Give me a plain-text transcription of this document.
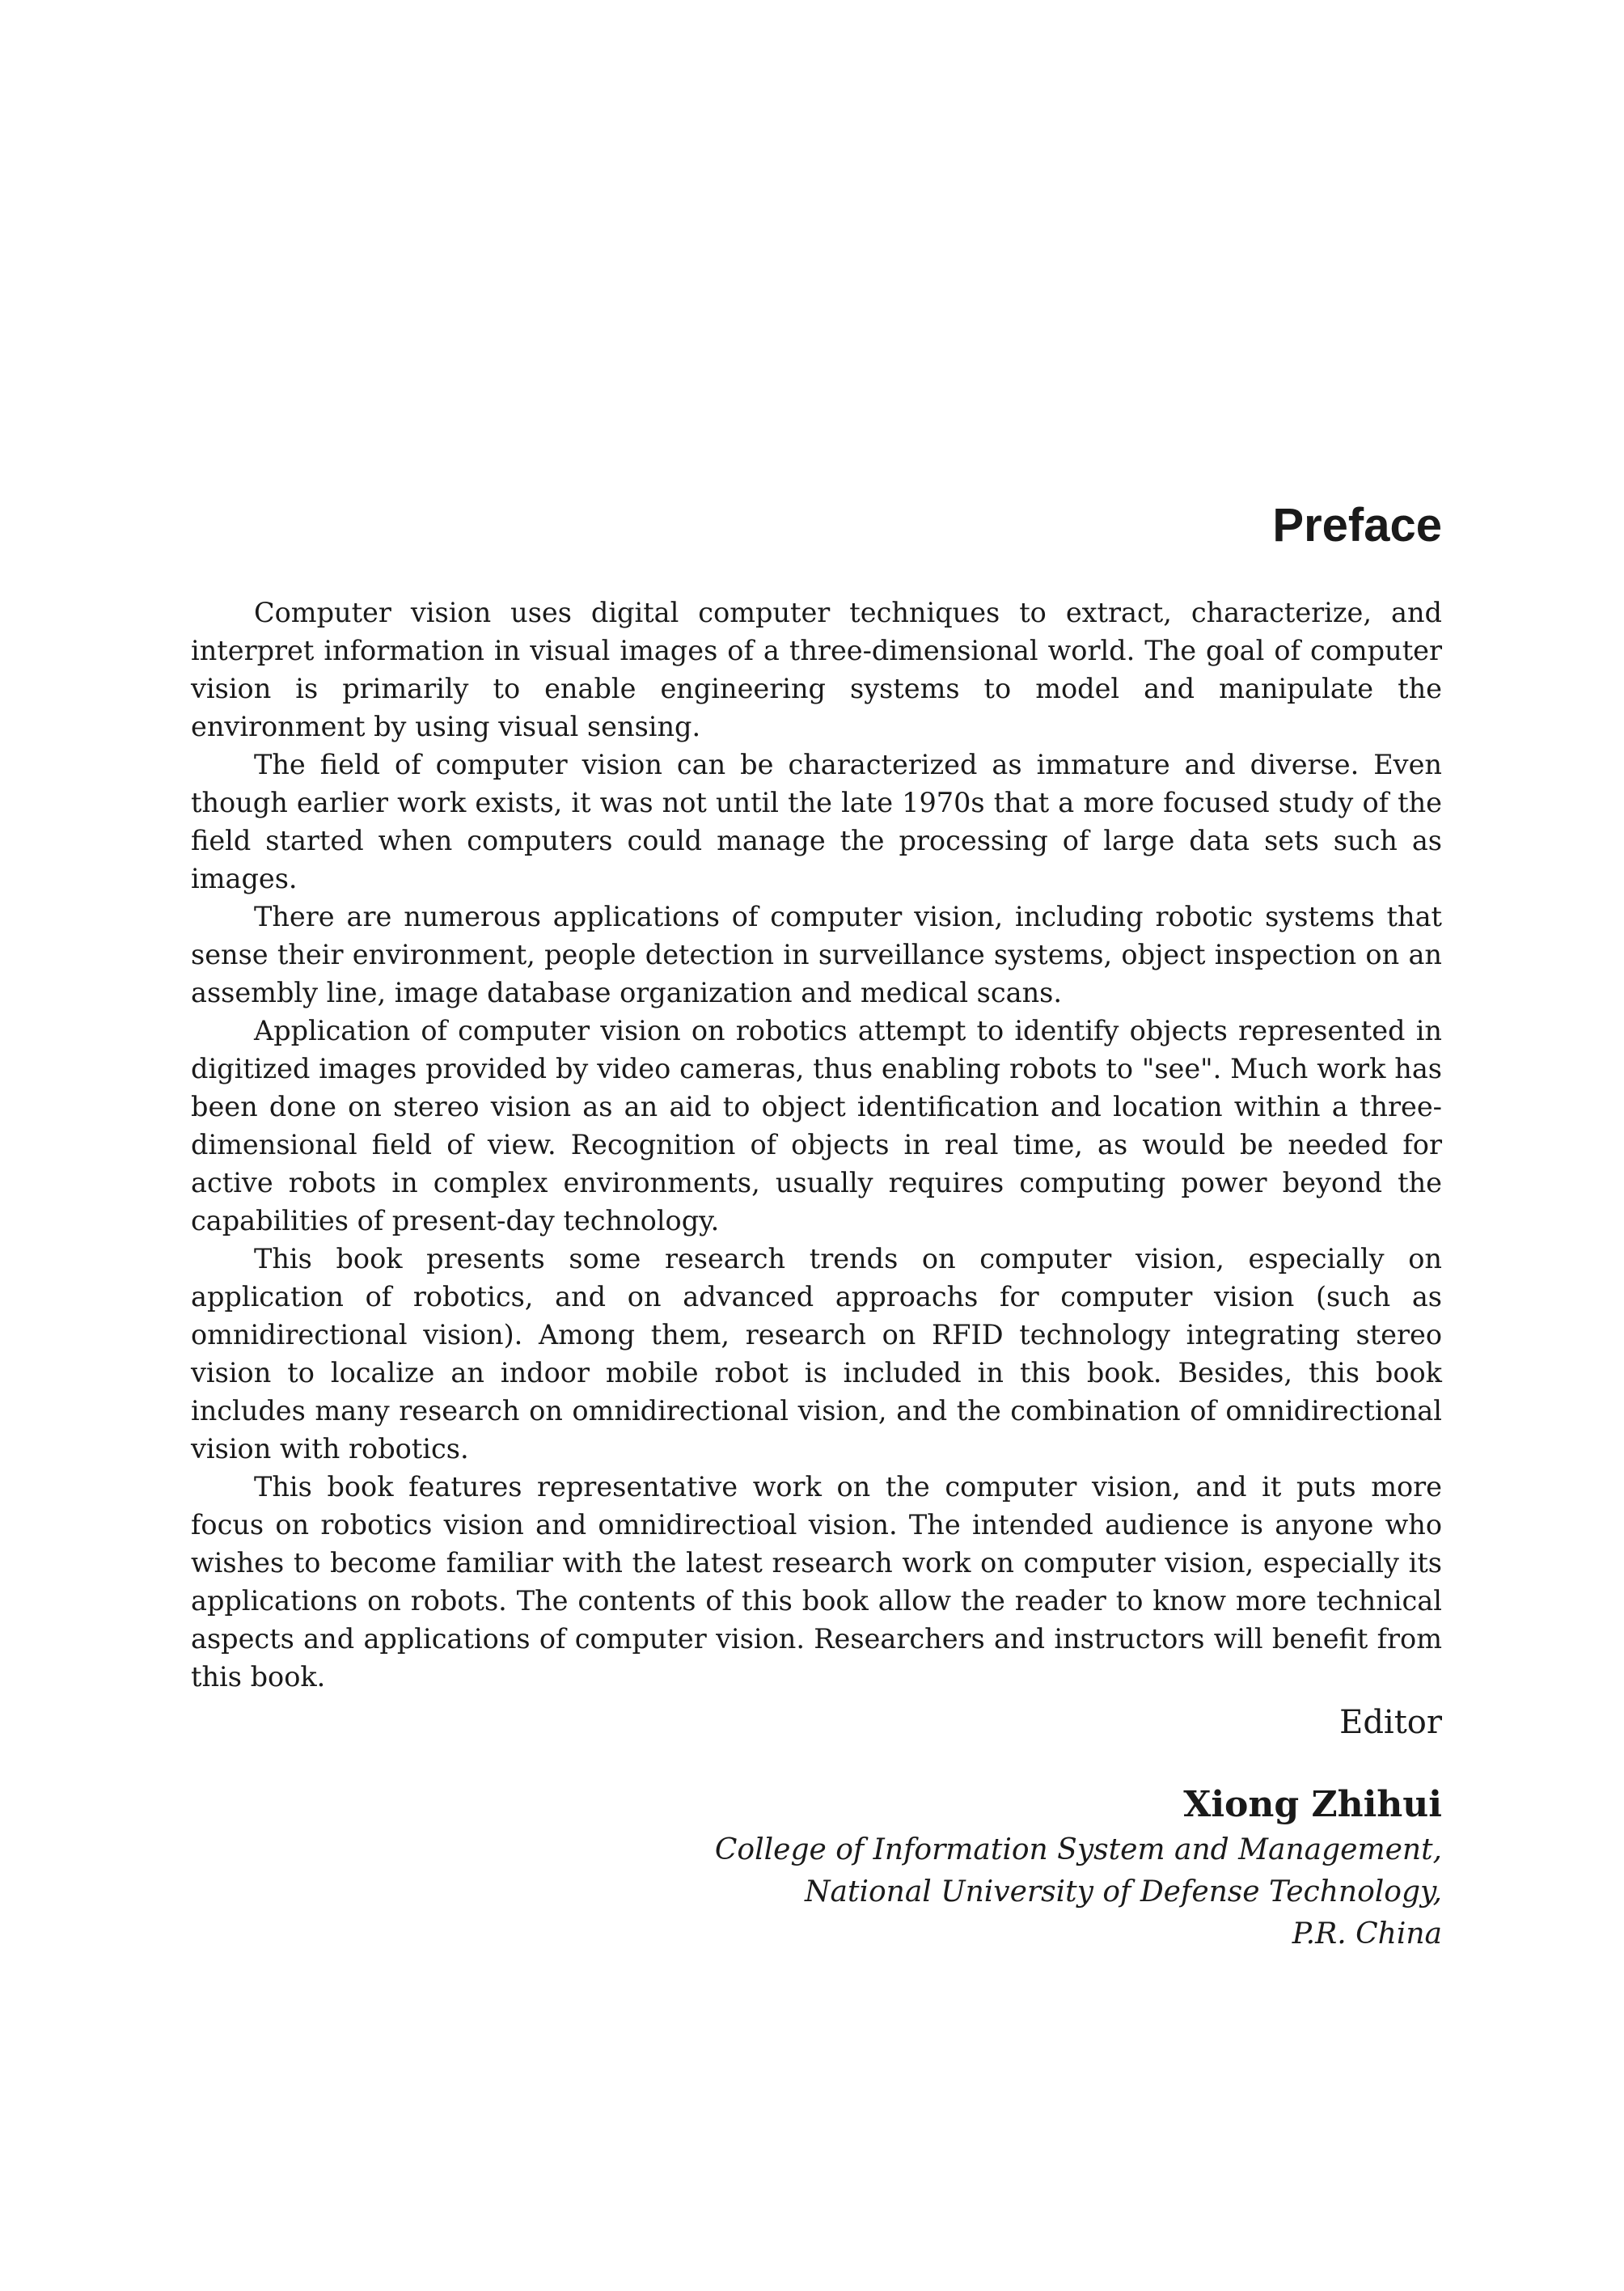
Preface

Computer vision uses digital computer techniques to extract, characterize, and interpret information in visual images of a three-dimensional world. The goal of computer vision is primarily to enable engineering systems to model and manipulate the environment by using visual sensing.

The field of computer vision can be characterized as immature and diverse. Even though earlier work exists, it was not until the late 1970s that a more focused study of the field started when computers could manage the processing of large data sets such as images.

There are numerous applications of computer vision, including robotic systems that sense their environment, people detection in surveillance systems, object inspection on an assembly line, image database organization and medical scans.

Application of computer vision on robotics attempt to identify objects represented in digitized images provided by video cameras, thus enabling robots to "see". Much work has been done on stereo vision as an aid to object identification and location within a three-dimensional field of view. Recognition of objects in real time, as would be needed for active robots in complex environments, usually requires computing power beyond the capabilities of present-day technology.

This book presents some research trends on computer vision, especially on application of robotics, and on advanced approachs for computer vision (such as omnidirectional vision). Among them, research on RFID technology integrating stereo vision to localize an indoor mobile robot is included in this book. Besides, this book includes many research on omnidirectional vision, and the combination of omnidirectional vision with robotics.

This book features representative work on the computer vision, and it puts more focus on robotics vision and omnidirectioal vision. The intended audience is anyone who wishes to become familiar with the latest research work on computer vision, especially its applications on robots. The contents of this book allow the reader to know more technical aspects and applications of computer vision. Researchers and instructors will benefit from this book.

Editor
Xiong Zhihui
College of Information System and Management,
National University of Defense Technology,
P.R. China
